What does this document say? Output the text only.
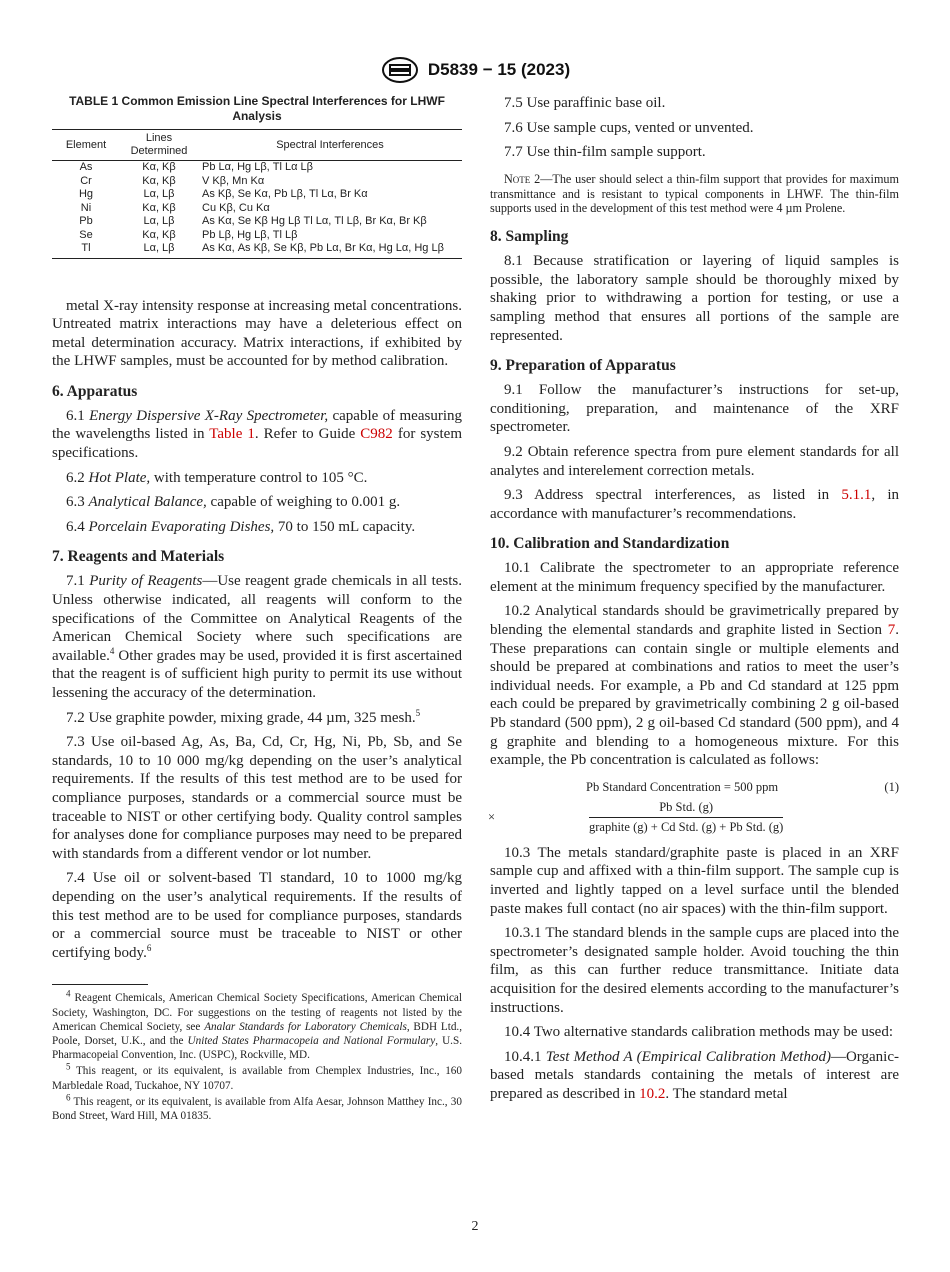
D5839 − 15 (2023)
TABLE 1 Common Emission Line Spectral Interferences for LHWF Analysis
Element	Lines Determined	Spectral Interferences
As	Kα, Kβ	Pb Lα, Hg Lβ, Tl Lα Lβ
Cr	Kα, Kβ	V Kβ, Mn Kα
Hg	Lα, Lβ	As Kβ, Se Kα, Pb Lβ, Tl Lα, Br Kα
Ni	Kα, Kβ	Cu Kβ, Cu Kα
Pb	Lα, Lβ	As Kα, Se Kβ Hg Lβ Tl Lα, Tl Lβ, Br Kα, Br Kβ
Se	Kα, Kβ	Pb Lβ, Hg Lβ, Tl Lβ
Tl	Lα, Lβ	As Kα, As Kβ, Se Kβ, Pb Lα, Br Kα, Hg Lα, Hg Lβ

metal X-ray intensity response at increasing metal concentrations. Untreated matrix interactions may have a deleterious effect on metal determination accuracy. Matrix interactions, if exhibited by the LHWF samples, must be accounted for by method calibration.

6. Apparatus

6.1 Energy Dispersive X-Ray Spectrometer, capable of measuring the wavelengths listed in Table 1. Refer to Guide C982 for system specifications.

6.2 Hot Plate, with temperature control to 105 °C.

6.3 Analytical Balance, capable of weighing to 0.001 g.

6.4 Porcelain Evaporating Dishes, 70 to 150 mL capacity.

7. Reagents and Materials

7.1 Purity of Reagents—Use reagent grade chemicals in all tests. Unless otherwise indicated, all reagents will conform to the specifications of the Committee on Analytical Reagents of the American Chemical Society where such specifications are available.$^4$ Other grades may be used, provided it is first ascertained that the reagent is of sufficient high purity to permit its use without lessening the accuracy of the determination.

7.2 Use graphite powder, mixing grade, 44 µm, 325 mesh.$^5$

7.3 Use oil-based Ag, As, Ba, Cd, Cr, Hg, Ni, Pb, Sb, and Se standards, 10 to 10 000 mg/kg depending on the user’s analytical requirements. If the results of this test method are to be used for compliance purposes, standards or a commercial source must be traceable to NIST or other certifying body. Quality control samples for analyses done for compliance purposes may need to be prepared with standards from a different vendor or lot number.

7.4 Use oil or solvent-based Tl standard, 10 to 1000 mg/kg depending on the user’s analytical requirements. If the results of this test method are to be used for compliance purposes, standards or a commercial source must be traceable to NIST or other certifying body.$^6$

$^4$ Reagent Chemicals, American Chemical Society Specifications, American Chemical Society, Washington, DC. For suggestions on the testing of reagents not listed by the American Chemical Society, see Analar Standards for Laboratory Chemicals, BDH Ltd., Poole, Dorset, U.K., and the United States Pharmacopeia and National Formulary, U.S. Pharmacopeial Convention, Inc. (USPC), Rockville, MD.

$^5$ This reagent, or its equivalent, is available from Chemplex Industries, Inc., 160 Marbledale Road, Tuckahoe, NY 10707.

$^6$ This reagent, or its equivalent, is available from Alfa Aesar, Johnson Matthey Inc., 30 Bond Street, Ward Hill, MA 01835.

7.5 Use paraffinic base oil.

7.6 Use sample cups, vented or unvented.

7.7 Use thin-film sample support.

Note 2—The user should select a thin-film support that provides for maximum transmittance and is resistant to typical components in LHWF. The thin-film supports used in the development of this test method were 4 µm Prolene.

8. Sampling

8.1 Because stratification or layering of liquid samples is possible, the laboratory sample should be thoroughly mixed by shaking prior to withdrawing a portion for testing, or use a sampling method that ensures all portions of the sample are represented.

9. Preparation of Apparatus

9.1 Follow the manufacturer’s instructions for set-up, conditioning, preparation, and maintenance of the XRF spectrometer.

9.2 Obtain reference spectra from pure element standards for all analytes and interelement correction metals.

9.3 Address spectral interferences, as listed in 5.1.1, in accordance with manufacturer’s recommendations.

10. Calibration and Standardization

10.1 Calibrate the spectrometer to an appropriate reference element at the minimum frequency specified by the manufacturer.

10.2 Analytical standards should be gravimetrically prepared by blending the elemental standards and graphite listed in Section 7. These preparations can contain single or multiple elements and should be prepared at combinations and ratios to meet the user’s individual needs. For example, a Pb and Cd standard at 125 ppm each could be prepared by gravimetrically combining 2 g oil-based Pb standard (500 ppm), 2 g oil-based Cd standard (500 ppm), and 4 g graphite and blending to a homogeneous mixture. For this example, the Pb concentration is calculated as follows:

Pb Standard Concentration = 500 ppm	(1)
×
Pb Std. (g)
graphite (g) + Cd Std. (g) + Pb Std. (g)

10.3 The metals standard/graphite paste is placed in an XRF sample cup and affixed with a thin-film support. The sample cup is inverted and lightly tapped on a level surface until the blended paste makes full contact (no air spaces) with the thin-film support.

10.3.1 The standard blends in the sample cups are placed into the spectrometer’s designated sample holder. Avoid touching the thin film, as this can further reduce transmittance. Initiate data acquisition for the desired elements according to the manufacturer’s instructions.

10.4 Two alternative standards calibration methods may be used:

10.4.1 Test Method A (Empirical Calibration Method)—Organic-based metals standards containing the metals of interest are prepared as described in 10.2. The standard metal

2
